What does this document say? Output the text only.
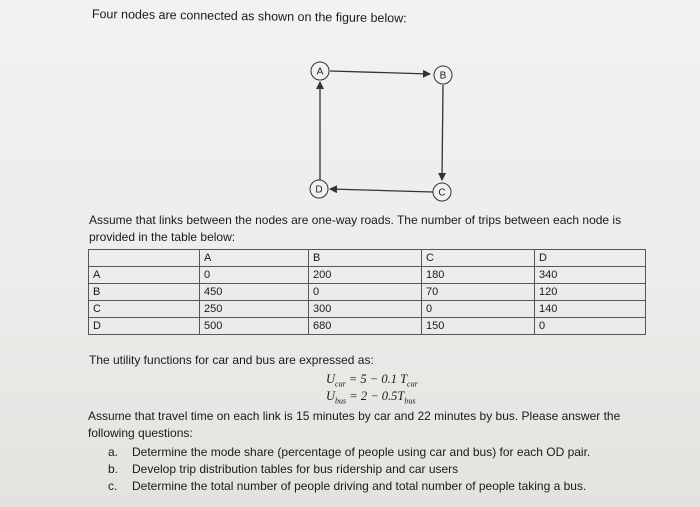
Four nodes are connected as shown on the figure below:
A	B
C
D
Assume that links between the nodes are one-way roads. The number of trips between each node is provided in the table below:
	A	B	C	D
A	0	200	180	340
B	450	0	70	120
C	250	300	0	140
D	500	680	150	0
The utility functions for car and bus are expressed as:
$U_{car} = 5 - 0.1$ $T_{car}$
$U_{bus} = 2 - 0.5T_{bus}$
Assume that travel time on each link is 15 minutes by car and 22 minutes by bus. Please answer the following questions:
a.	Determine the mode share (percentage of people using car and bus) for each OD pair.
b.	Develop trip distribution tables for bus ridership and car users
c.	Determine the total number of people driving and total number of people taking a bus.
